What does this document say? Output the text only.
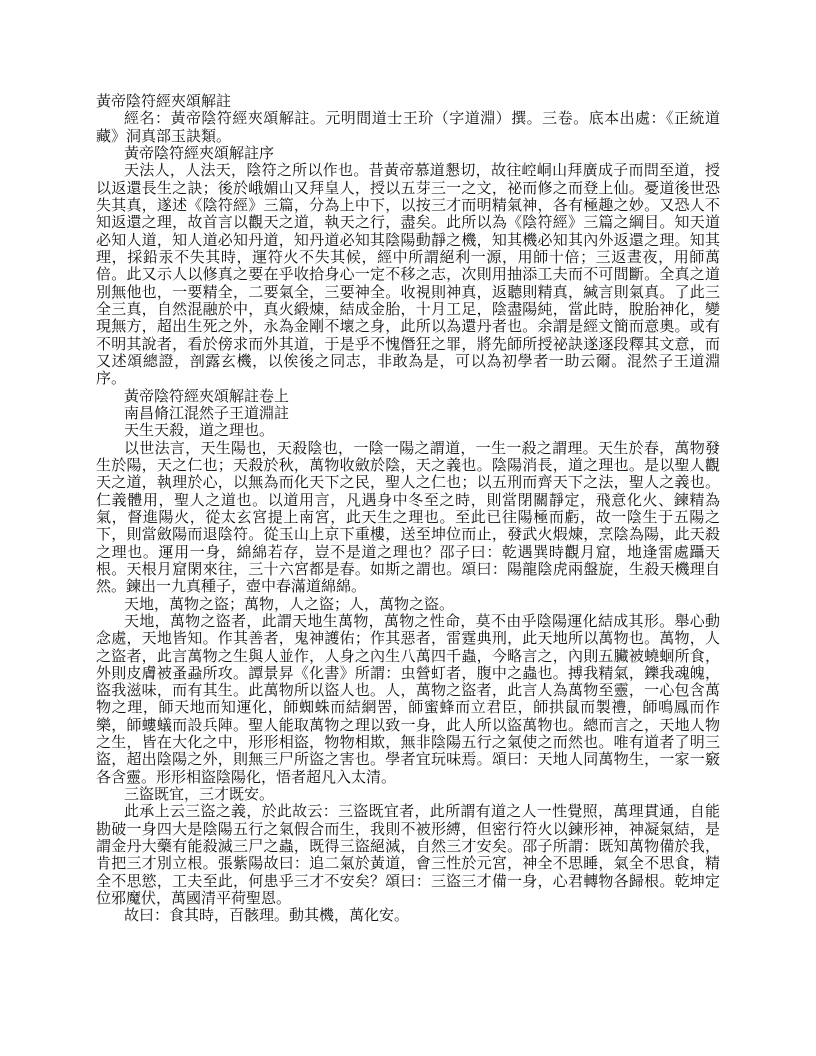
黃帝陰符經夾頌解註

經名：黃帝陰符經夾頌解註。元明間道士王玠（字道淵）撰。三卷。底本出處：《正統道藏》洞真部玉訣類。

黃帝陰符經夾頌解註序

天法人，人法天，陰符之所以作也。昔黃帝慕道懇切，故往崆峒山拜廣成子而問至道，授以返還長生之訣；後於峨媚山又拜皇人，授以五芽三一之文，祕而修之而登上仙。憂道後世恐失其真，遂述《陰符經》三篇，分為上中下，以按三才而明精氣神，各有極趣之妙。又恐人不知返還之理，故首言以觀天之道，執天之行，盡矣。此所以為《陰符經》三篇之綱目。知天道必知人道，知人道必知丹道，知丹道必知其陰陽動靜之機，知其機必知其內外返還之理。知其理，採鉛汞不失其時，運符火不失其候，經中所謂絕利一源，用師十倍；三返晝夜，用師萬倍。此又示人以修真之要在乎收拾身心一定不移之志，次則用抽添工夫而不可間斷。全真之道別無他也，一要精全，二要氣全，三要神全。收視則神真，返聽則精真，緘言則氣真。了此三全三真，自然混融於中，真火緞煉，結成金胎，十月工足，陰盡陽純，當此時，脫胎神化，變現無方，超出生死之外，永為金剛不壞之身，此所以為還丹者也。余謂是經文簡而意奧。或有不明其說者，看於傍求而外其道，于是乎不愧僭狂之罪，將先師所授祕訣遂逐段釋其文意，而又述頌總證，剖露玄機，以俟後之同志，非敢為是，可以為初學者一助云爾。混然子王道淵序。

黃帝陰符經夾頌解註卷上

南昌脩江混然子王道淵註

天生天殺，道之理也。

以世法言，天生陽也，天殺陰也，一陰一陽之謂道，一生一殺之謂理。天生於春，萬物發生於陽，天之仁也；天殺於秋，萬物收斂於陰，天之義也。陰陽消長，道之理也。是以聖人觀天之道，執理於心，以無為而化天下之民，聖人之仁也；以五刑而齊天下之法，聖人之義也。仁義體用，聖人之道也。以道用言，凡遇身中冬至之時，則當閉關靜定，飛意化火、鍊精為氣，督進陽火，從太玄宮提上南宮，此天生之理也。至此已往陽極而虧，故一陰生于五陽之下，則當斂陽而退陰符。從玉山上京下重樓，送至坤位而止，發武火煆煉，烹陰為陽，此天殺之理也。運用一身，綿綿若存，豈不是道之理也？邵子曰：乾遇巽時觀月窟，地逢雷處躡天根。天根月窟閑來往，三十六宮都是春。如斯之謂也。頌曰：陽龍陰虎兩盤旋，生殺天機理自然。鍊出一九真種子，壺中春滿道綿綿。

天地，萬物之盜；萬物，人之盜；人，萬物之盜。

天地，萬物之盜者，此謂天地生萬物，萬物之性命，莫不由乎陰陽運化結成其形。舉心動念處，天地皆知。作其善者，鬼神護佑；作其惡者，雷霆典刑，此天地所以萬物也。萬物，人之盜者，此言萬物之生與人並作，人身之內生八萬四千蟲，今略言之，內則五臟被蟯蛔所食，外則皮膚被蚤蝨所攻。譚景昇《化書》所謂：虫營虰者，腹中之蟲也。搏我精氣，鑠我魂魄，盜我滋味，而有其生。此萬物所以盜人也。人，萬物之盜者，此言人為萬物至靈，一心包含萬物之理，師天地而知運化，師蜘蛛而結網罟，師蜜蜂而立君臣，師拱鼠而製禮，師鳴鳳而作樂，師螻蟻而設兵陣。聖人能取萬物之理以致一身，此人所以盜萬物也。總而言之，天地人物之生，皆在大化之中，形形相盜，物物相欺，無非陰陽五行之氣使之而然也。唯有道者了明三盜，超出陰陽之外，則無三尸所盜之害也。學者宜玩味焉。頌曰：天地人同萬物生，一家一竅各含靈。形形相盜陰陽化，悟者超凡入太清。

三盜既宜，三才既安。

此承上云三盜之義，於此故云：三盜既宜者，此所謂有道之人一性覺照，萬理貫通，自能勘破一身四大是陰陽五行之氣假合而生，我則不被形縛，但密行符火以鍊形神，神凝氣結，是謂金丹大藥有能殺滅三尸之蟲，既得三盜絕滅，自然三才安矣。邵子所謂：既知萬物備於我，肯把三才別立根。張紫陽故曰：追二氣於黃道，會三性於元宮，神全不思睡，氣全不思食，精全不思慾，工夫至此，何患乎三才不安矣？頌曰：三盜三才備一身，心君轉物各歸根。乾坤定位邪魔伏，萬國清平荷聖恩。

故曰：食其時，百骸理。動其機，萬化安。
